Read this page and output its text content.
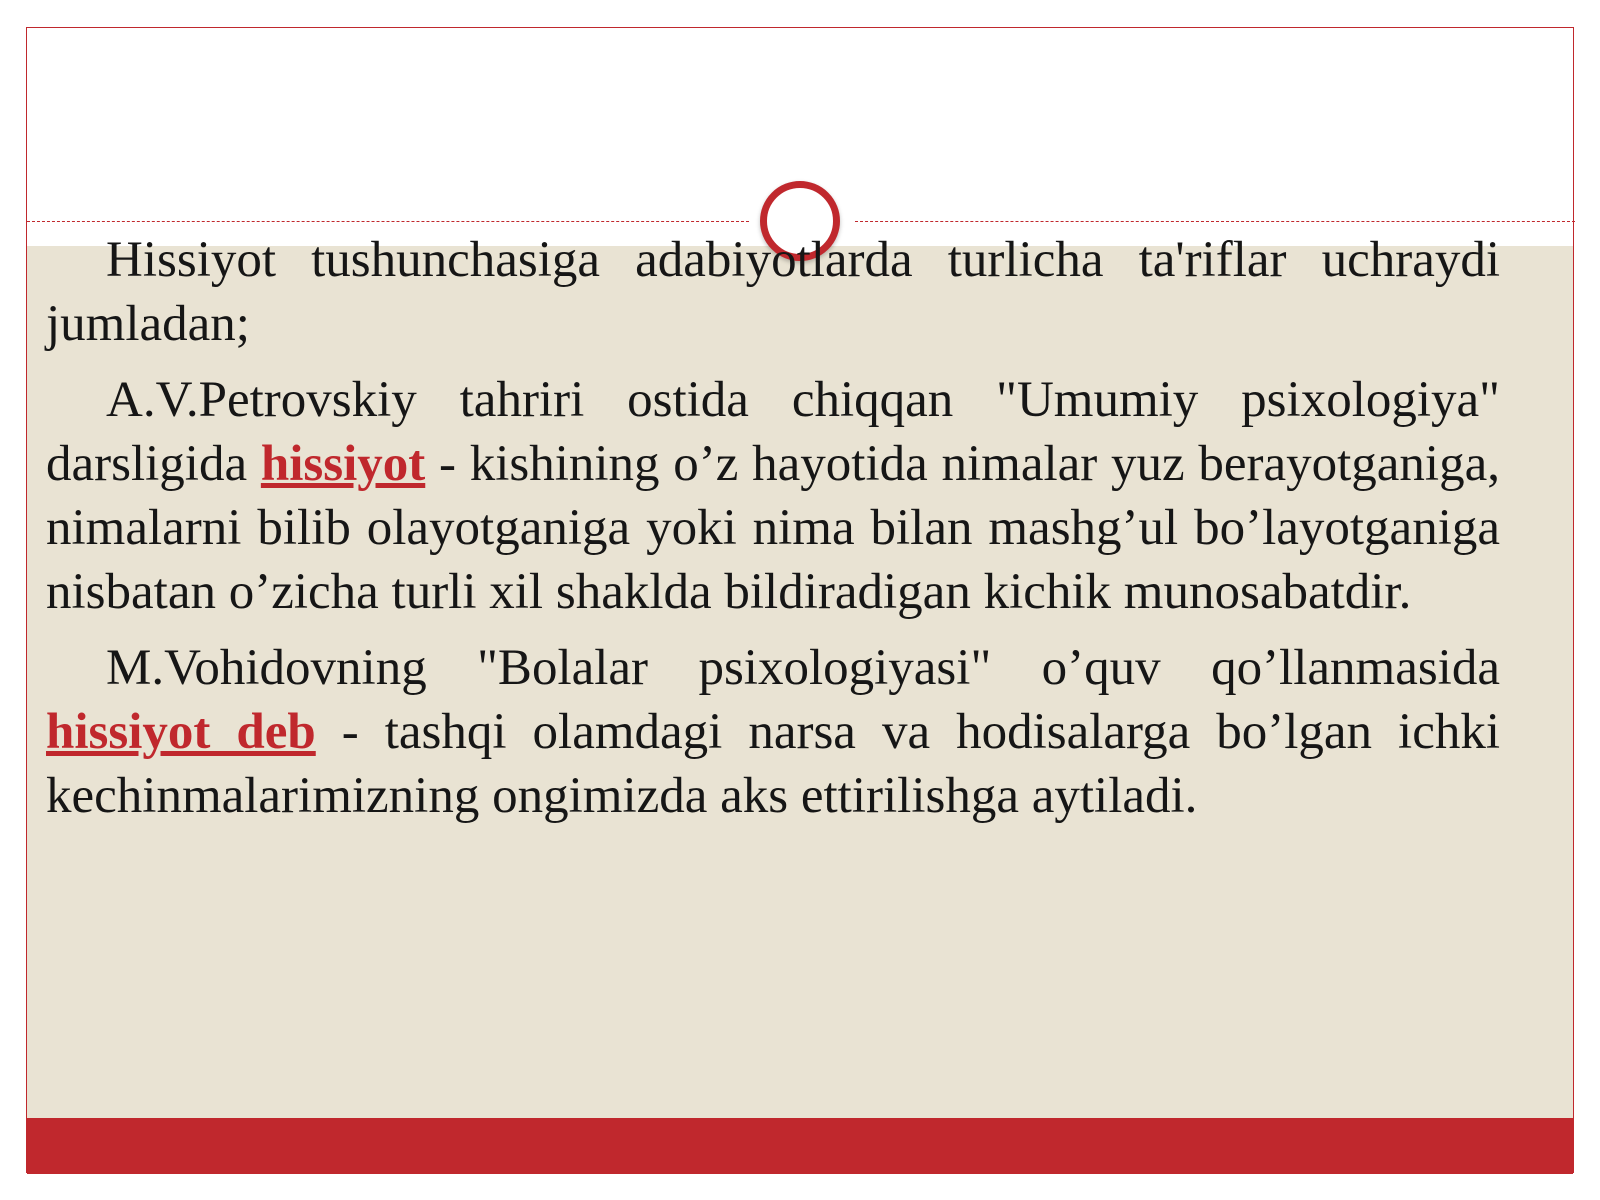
Hissiyot tushunchasiga adabiyotlarda turlicha ta'riflar uchraydi jumladan;

A.V.Petrovskiy tahriri ostida chiqqan "Umumiy psixologiya" darsligida hissiyot - kishining o’z hayotida nimalar yuz berayotganiga, nimalarni bilib olayotganiga yoki nima bilan mashg’ul bo’layotganiga nisbatan o’zicha turli xil shaklda bildiradigan kichik munosabatdir.

M.Vohidovning "Bolalar psixologiyasi" o’quv qo’llanmasida hissiyot deb - tashqi olamdagi narsa va hodisalarga bo’lgan ichki kechinmalarimizning ongimizda aks ettirilishga aytiladi.
